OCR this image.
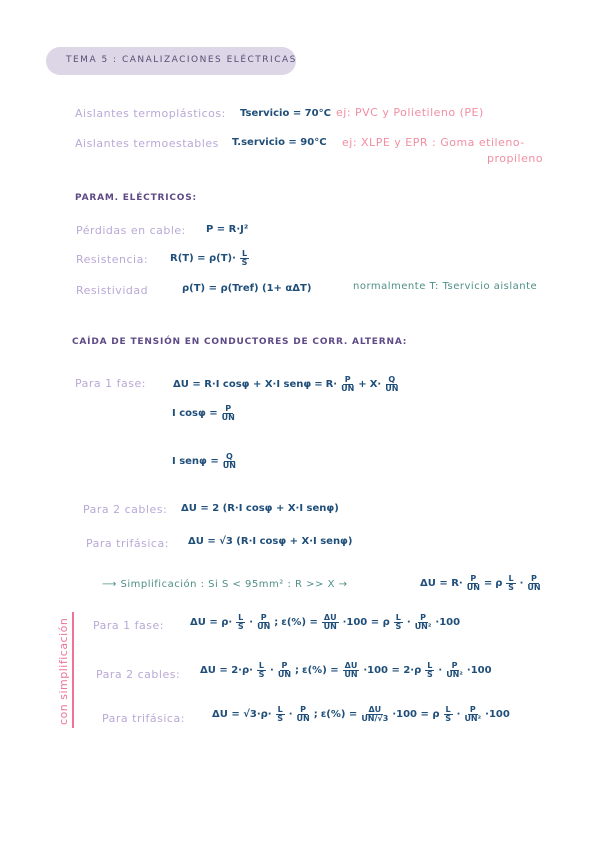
TEMA 5 : CANALIZACIONES ELÉCTRICAS
Aislantes termoplásticos: Tservicio = 70°C ej: PVC y Polietileno (PE)
Aislantes termoestables T.servicio = 90°C ej: XLPE y EPR : Goma etileno-
propileno
PARAM. ELÉCTRICOS:
Pérdidas en cable: P = R·J²
Resistencia: $R(T) = \rho(T)\cdot \frac{L}{S}$
Resistividad	ρ(T) = ρ(Tref) (1+ αΔT)	normalmente T: Tservicio aislante
CAÍDA DE TENSIÓN EN CONDUCTORES DE CORR. ALTERNA:
Para 1 fase:	ΔU = R·I cosφ + X·I $sen\varphi = R\cdot \frac{P}{UN} + X\cdot \frac{Q}{UN}$
I $\cos\varphi = \frac{P}{UN}$
I $sen\varphi = \frac{Q}{UN}$
Para 2 cables: ΔU = 2 (R·I cosφ + X·I senφ)
Para trifásica: ΔU = √3 (R·I cosφ + X·I senφ)
⟶ Simplificación : Si S < 95mm² : R >> X →	$\Delta U = R\cdot \frac{P}{UN} = \rho \frac{L}{S} \cdot \frac{P}{UN}$
con simplificación Para 1 fase:	$\Delta U = \rho\cdot \frac{L}{S} \cdot \frac{P}{UN}$ ; $\varepsilon(\%) = \frac{\Delta U}{UN} \cdot 100 = \rho \frac{L}{S} \cdot \frac{P}{\text{UN²}} \cdot 100$
Para 2 cables: $\Delta U = 2\cdot\rho\cdot \frac{L}{S} \cdot \frac{P}{UN}$ ; $\varepsilon(\%) = \frac{\Delta U}{UN} \cdot 100 = 2\cdot\rho \frac{L}{S} \cdot \frac{P}{\text{UN²}} \cdot 100$
Para trifásica:	$\Delta U = √3\cdot\rho\cdot \frac{L}{S} \cdot \frac{P}{UN}$ ; $\varepsilon(\%) = \frac{\Delta U}{UN/√3} \cdot 100 = \rho \frac{L}{S} \cdot \frac{P}{\text{UN²}} \cdot 100$
